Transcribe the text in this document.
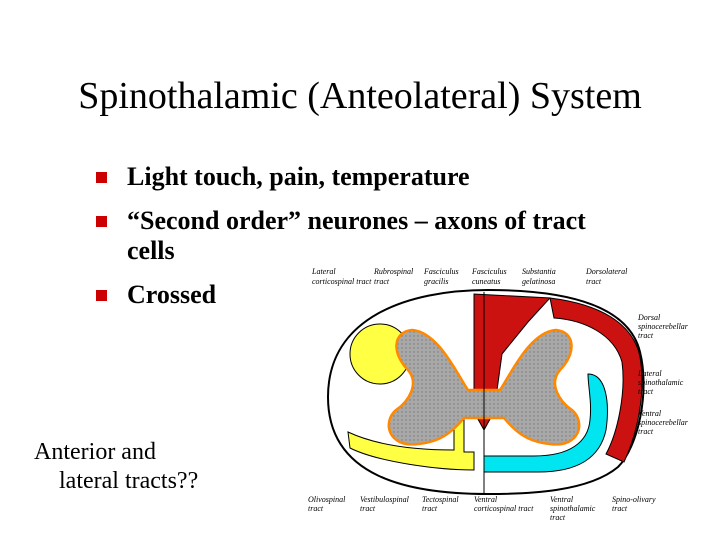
Spinothalamic (Anteolateral) System
Light touch, pain, temperature
“Second order” neurones – axons of tract
cells
Crossed
Anterior and
lateral tracts??
Lateral
corticospinal tract
Rubrospinal
tract
Fasciculus
gracilis
Fasciculus
cuneatus
Substantia
gelatinosa
Dorsolateral
tract
Dorsal
spinocerebellar
tract
Lateral
spinothalamic
tract
Ventral
spinocerebellar
tract
Olivospinal
tract
Vestibulospinal
tract
Tectospinal
tract
Ventral
corticospinal tract
Ventral
spinothalamic
tract
Spino-olivary
tract
